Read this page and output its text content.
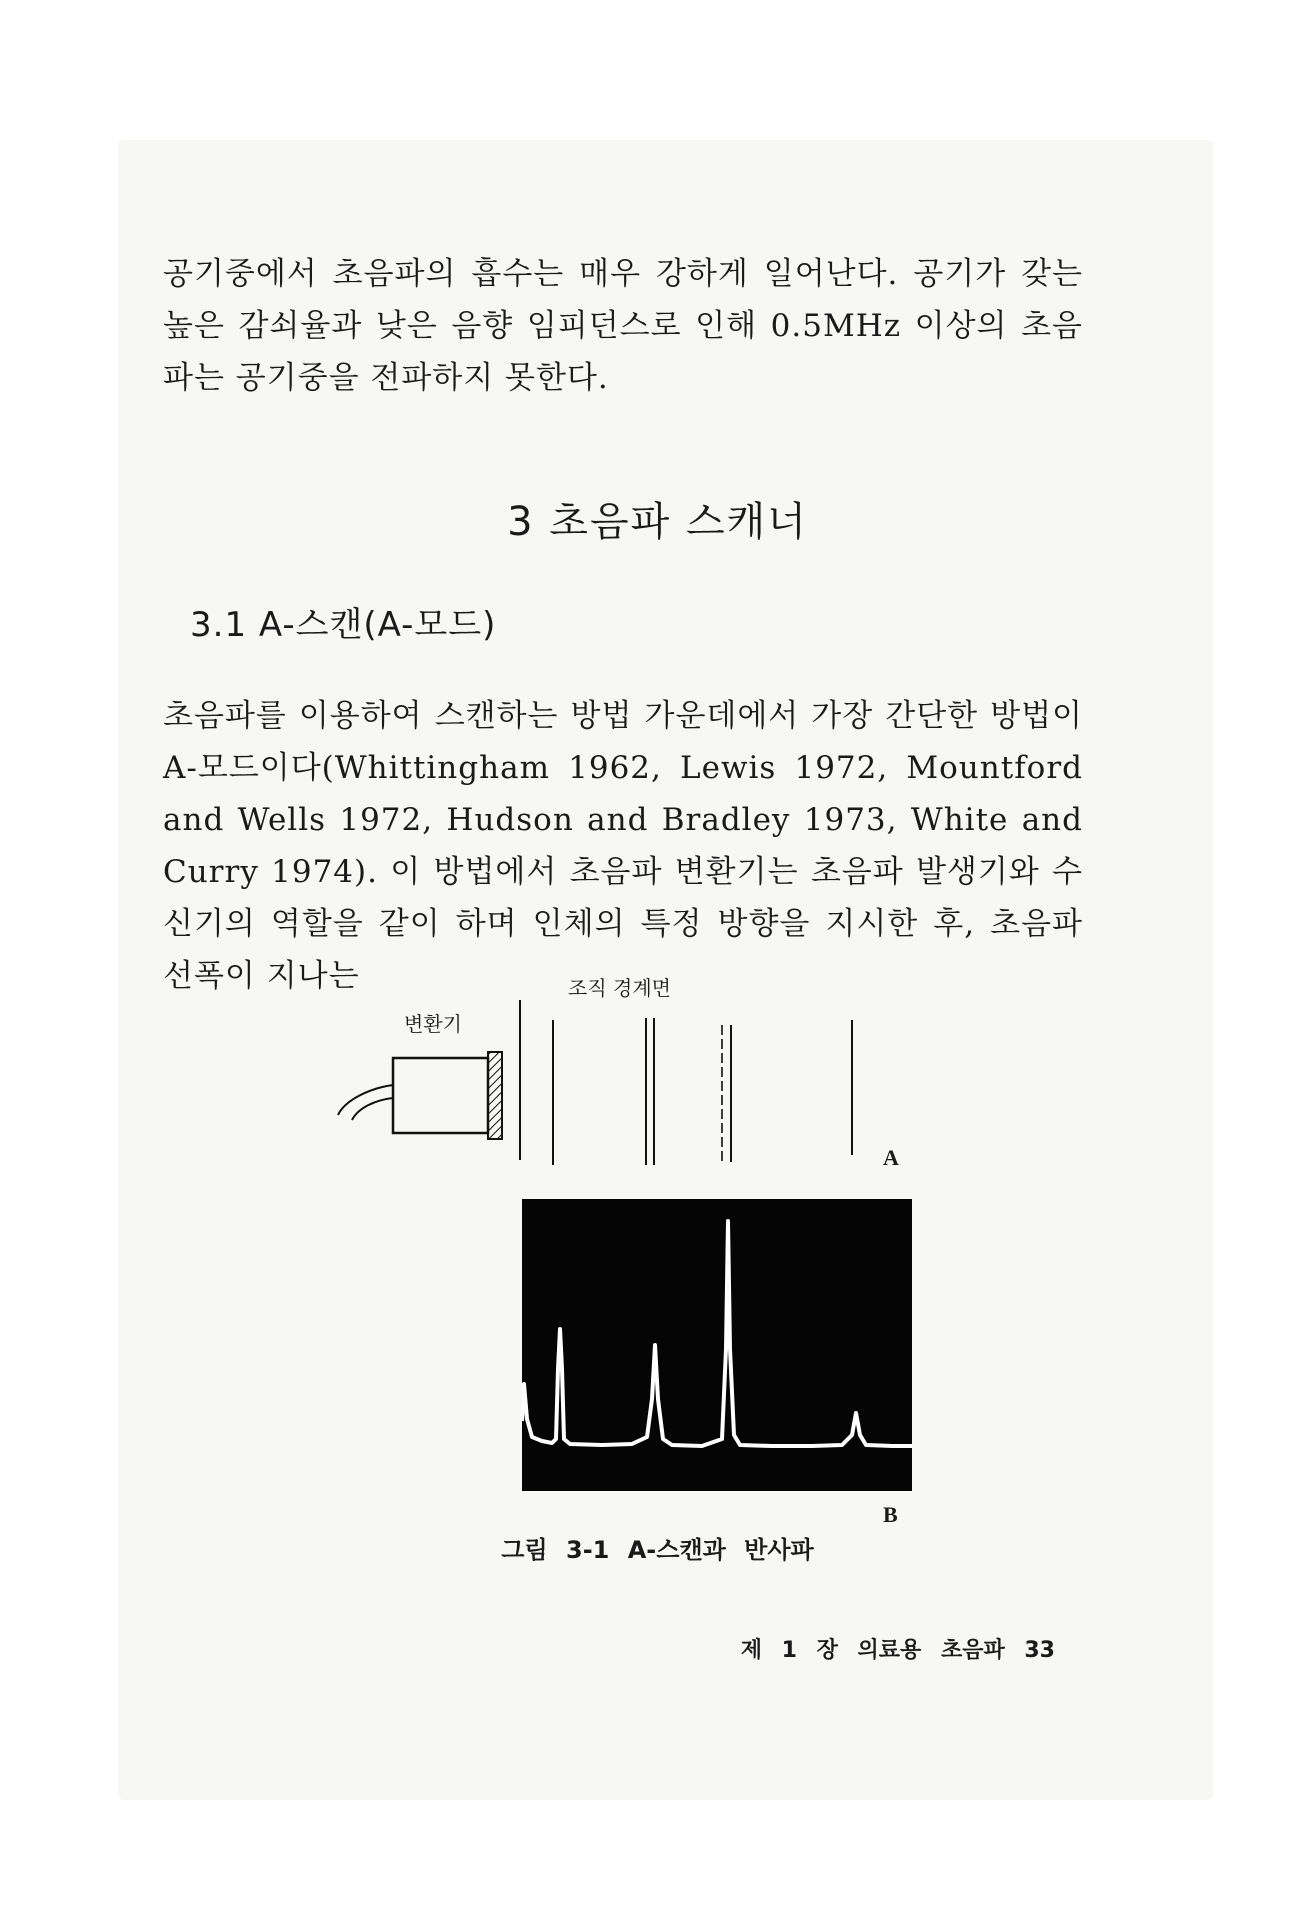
공기중에서 초음파의 흡수는 매우 강하게 일어난다. 공기가 갖는 높은 감쇠율과 낮은 음향 임피던스로 인해 0.5MHz 이상의 초음파는 공기중을 전파하지 못한다.
3 초음파 스캐너
3.1 A-스캔(A-모드)
초음파를 이용하여 스캔하는 방법 가운데에서 가장 간단한 방법이 A-모드이다(Whittingham 1962, Lewis 1972, Mountford and Wells 1972, Hudson and Bradley 1973, White and Curry 1974). 이 방법에서 초음파 변환기는 초음파 발생기와 수신기의 역할을 같이 하며 인체의 특정 방향을 지시한 후, 초음파 선폭이 지나는	조직 경계면
변환기
A
B
그림 3-1 A-스캔과 반사파
제 1 장 의료용 초음파 33
